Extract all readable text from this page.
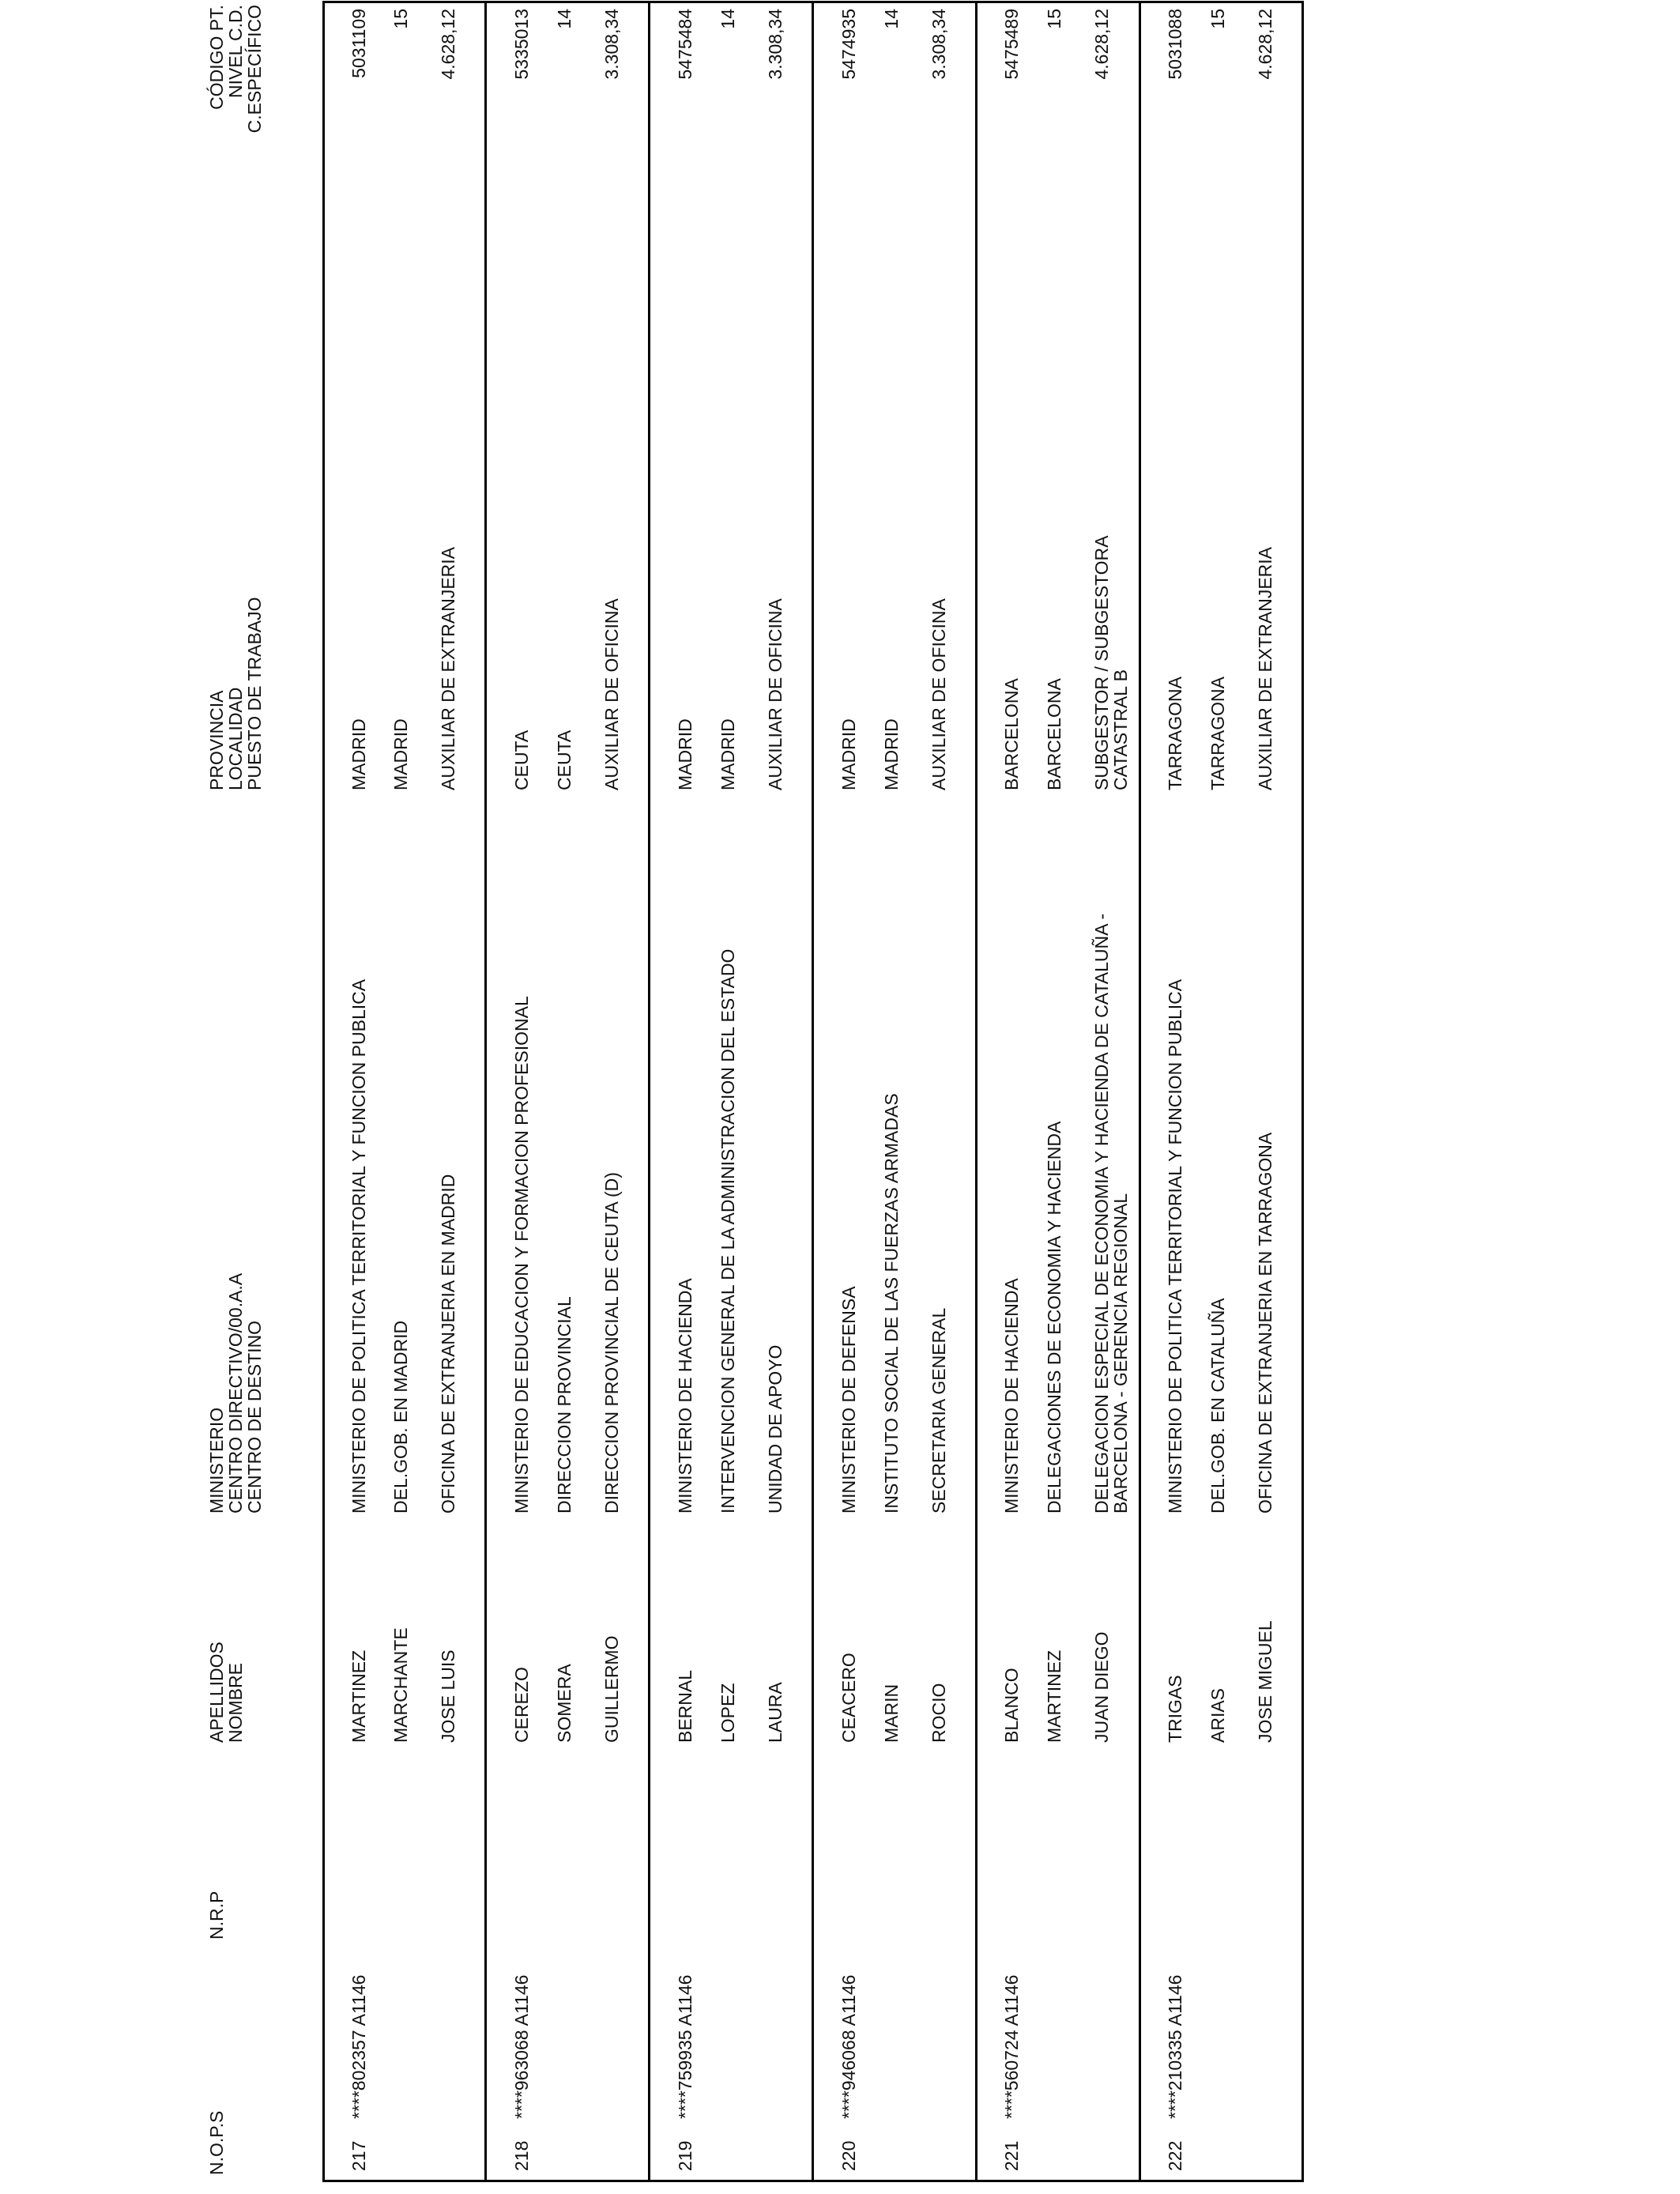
N.O.P.S
N.R.P
APELLIDOS
NOMBRE
MINISTERIO
CENTRO DIRECTIVO/00.A.A
CENTRO DE DESTINO
PROVINCIA
LOCALIDAD
PUESTO DE TRABAJO
CÓDIGO PT.
NIVEL C.D.
C.ESPECÍFICO
217
****802357 A1146
MARTINEZ MARCHANTE JOSE LUIS
MINISTERIO DE POLITICA TERRITORIAL Y FUNCION PUBLICA DEL.GOB. EN MADRID OFICINA DE EXTRANJERIA EN MADRID
MADRID MADRID AUXILIAR DE EXTRANJERIA
5031109 15 4.628,12
218
****963068 A1146
CEREZO SOMERA GUILLERMO
MINISTERIO DE EDUCACION Y FORMACION PROFESIONAL DIRECCION PROVINCIAL DIRECCION PROVINCIAL DE CEUTA (D)
CEUTA CEUTA AUXILIAR DE OFICINA
5335013 14 3.308,34
219
****759935 A1146
BERNAL LOPEZ LAURA
MINISTERIO DE HACIENDA INTERVENCION GENERAL DE LA ADMINISTRACION DEL ESTADO UNIDAD DE APOYO
MADRID MADRID AUXILIAR DE OFICINA
5475484 14 3.308,34
220
****946068 A1146
CEACERO MARIN ROCIO
MINISTERIO DE DEFENSA INSTITUTO SOCIAL DE LAS FUERZAS ARMADAS SECRETARIA GENERAL
MADRID MADRID AUXILIAR DE OFICINA
5474935 14 3.308,34
221
****560724 A1146
BLANCO MARTINEZ JUAN DIEGO
MINISTERIO DE HACIENDA DELEGACIONES DE ECONOMIA Y HACIENDA DELEGACION ESPECIAL DE ECONOMIA Y HACIENDA DE CATALUÑA -
BARCELONA - GERENCIA REGIONAL
BARCELONA BARCELONA SUBGESTOR / SUBGESTORA
CATASTRAL B
5475489 15 4.628,12
222
****210335 A1146
TRIGAS ARIAS JOSE MIGUEL
MINISTERIO DE POLITICA TERRITORIAL Y FUNCION PUBLICA DEL.GOB. EN CATALUÑA OFICINA DE EXTRANJERIA EN TARRAGONA
TARRAGONA TARRAGONA AUXILIAR DE EXTRANJERIA
5031088 15 4.628,12
